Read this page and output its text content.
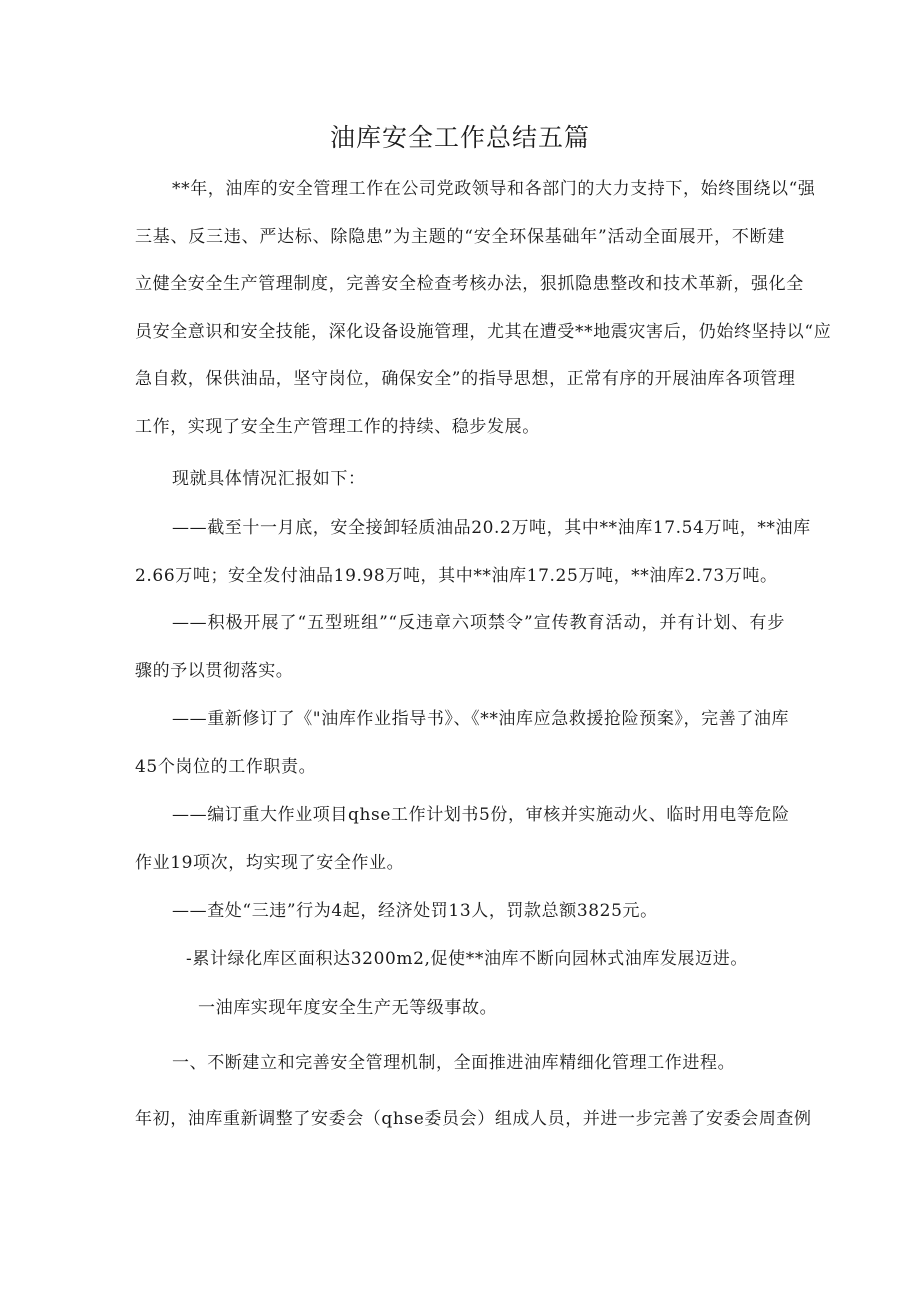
油库安全工作总结五篇
**年，油库的安全管理工作在公司党政领导和各部门的大力支持下，始终围绕以“强
三基、反三违、严达标、除隐患”为主题的“安全环保基础年”活动全面展开，不断建
立健全安全生产管理制度，完善安全检查考核办法，狠抓隐患整改和技术革新，强化全
员安全意识和安全技能，深化设备设施管理，尤其在遭受**地震灾害后，仍始终坚持以“应
急自救，保供油品，坚守岗位，确保安全”的指导思想，正常有序的开展油库各项管理
工作，实现了安全生产管理工作的持续、稳步发展。
现就具体情况汇报如下：
——截至十一月底，安全接卸轻质油品20.2万吨，其中**油库17.54万吨，**油库
2.66万吨；安全发付油品19.98万吨，其中**油库17.25万吨，**油库2.73万吨。
——积极开展了“五型班组”“反违章六项禁令”宣传教育活动，并有计划、有步
骤的予以贯彻落实。
——重新修订了《"油库作业指导书》、《**油库应急救援抢险预案》，完善了油库
45个岗位的工作职责。
——编订重大作业项目qhse工作计划书5份，审核并实施动火、临时用电等危险
作业19项次，均实现了安全作业。
——查处“三违”行为4起，经济处罚13人，罚款总额3825元。
-累计绿化库区面积达3200m2,促使**油库不断向园林式油库发展迈进。
一油库实现年度安全生产无等级事故。
一、不断建立和完善安全管理机制，全面推进油库精细化管理工作进程。
年初，油库重新调整了安委会（qhse委员会）组成人员，并进一步完善了安委会周查例
